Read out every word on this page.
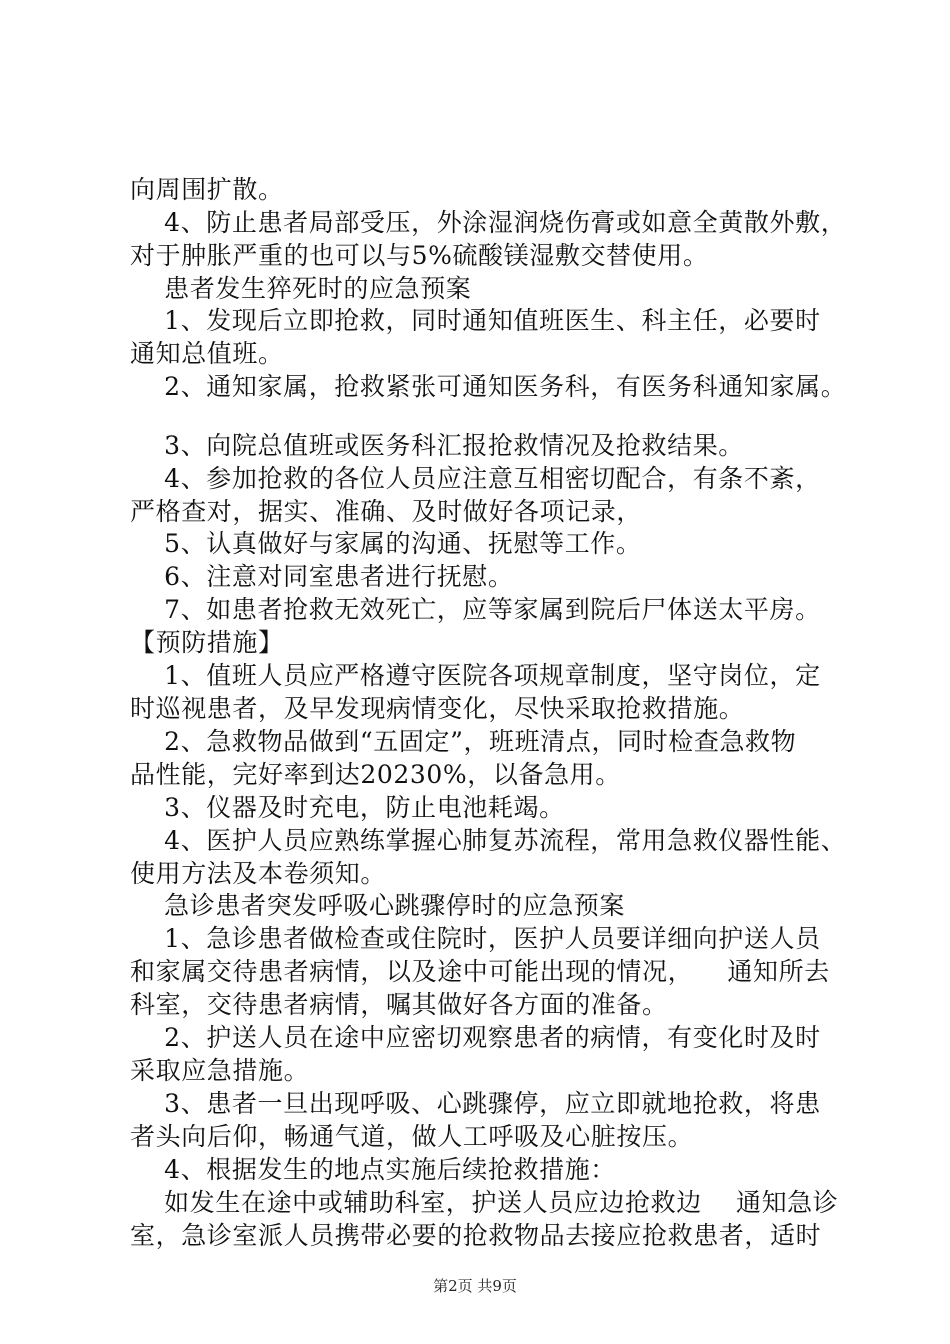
向周围扩散。
4、防止患者局部受压，外涂湿润烧伤膏或如意全黄散外敷，
对于肿胀严重的也可以与5%硫酸镁湿敷交替使用。
患者发生猝死时的应急预案
1、发现后立即抢救，同时通知值班医生、科主任，必要时
通知总值班。
2、通知家属，抢救紧张可通知医务科，有医务科通知家属。
3、向院总值班或医务科汇报抢救情况及抢救结果。
4、参加抢救的各位人员应注意互相密切配合，有条不紊，
严格查对，据实、准确、及时做好各项记录，
5、认真做好与家属的沟通、抚慰等工作。
6、注意对同室患者进行抚慰。
7、如患者抢救无效死亡，应等家属到院后尸体送太平房。
【预防措施】
1、值班人员应严格遵守医院各项规章制度，坚守岗位，定
时巡视患者，及早发现病情变化，尽快采取抢救措施。
2、急救物品做到“五固定”，班班清点，同时检查急救物
品性能，完好率到达20230%，以备急用。
3、仪器及时充电，防止电池耗竭。
4、医护人员应熟练掌握心肺复苏流程，常用急救仪器性能、
使用方法及本卷须知。
急诊患者突发呼吸心跳骤停时的应急预案
1、急诊患者做检查或住院时，医护人员要详细向护送人员
和家属交待患者病情，以及途中可能出现的情况，    通知所去
科室，交待患者病情，嘱其做好各方面的准备。
2、护送人员在途中应密切观察患者的病情，有变化时及时
采取应急措施。
3、患者一旦出现呼吸、心跳骤停，应立即就地抢救，将患
者头向后仰，畅通气道，做人工呼吸及心脏按压。
4、根据发生的地点实施后续抢救措施：
如发生在途中或辅助科室，护送人员应边抢救边    通知急诊
室，急诊室派人员携带必要的抢救物品去接应抢救患者，适时
第2页 共9页
